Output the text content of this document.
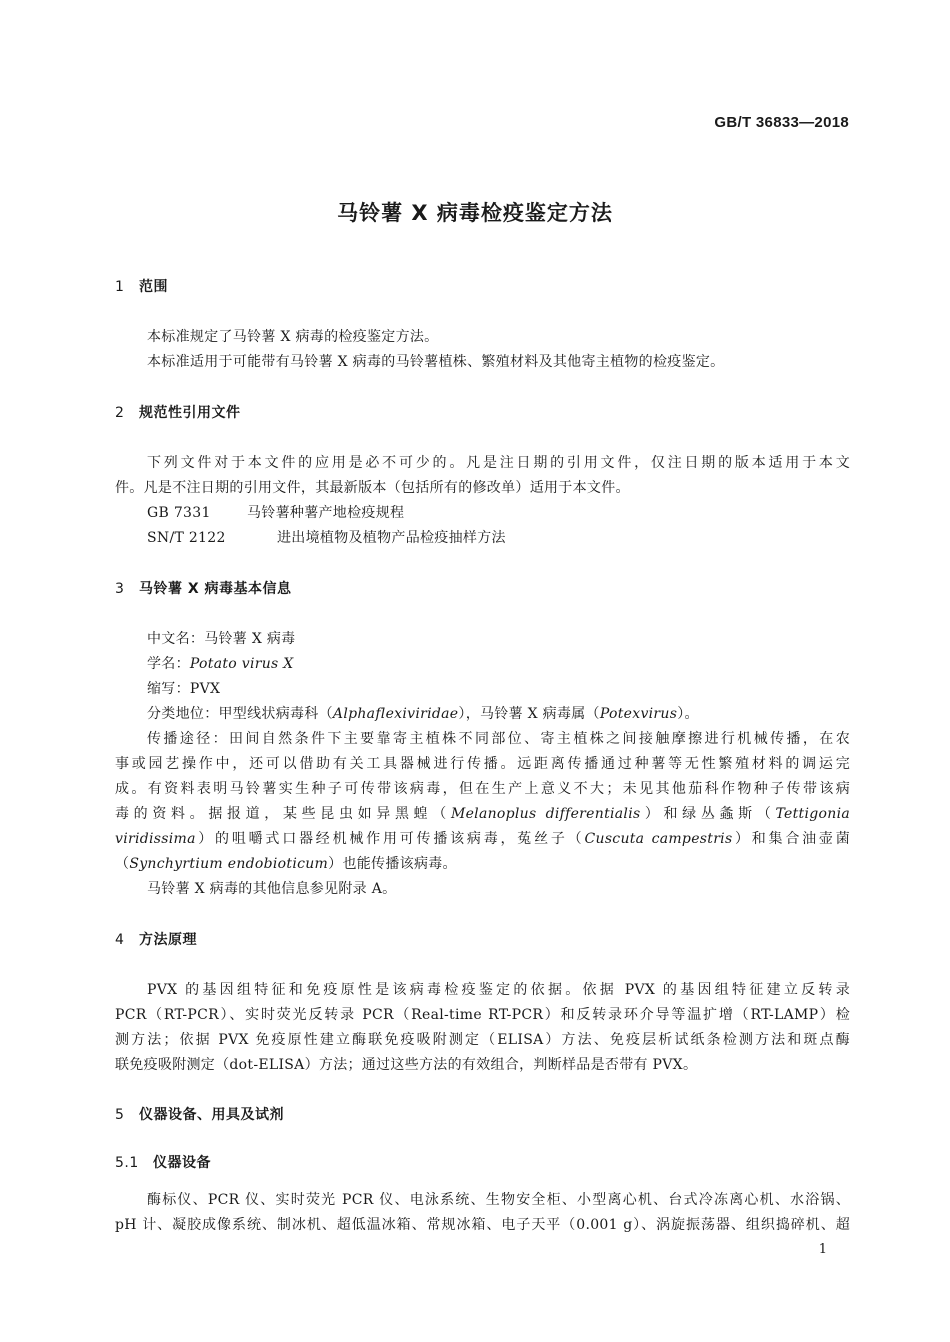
GB/T 36833—2018
马铃薯 X 病毒检疫鉴定方法
1 范围
本标准规定了马铃薯 X 病毒的检疫鉴定方法。
本标准适用于可能带有马铃薯 X 病毒的马铃薯植株、繁殖材料及其他寄主植物的检疫鉴定。
2 规范性引用文件
下列文件对于本文件的应用是必不可少的。凡是注日期的引用文件，仅注日期的版本适用于本文
件。凡是不注日期的引用文件，其最新版本（包括所有的修改单）适用于本文件。
GB 7331	马铃薯种薯产地检疫规程
SN/T 2122	进出境植物及植物产品检疫抽样方法
3 马铃薯 X 病毒基本信息
中文名：马铃薯 X 病毒
学名：Potato virus X
缩写：PVX
分类地位：甲型线状病毒科（Alphaflexiviridae），马铃薯 X 病毒属（Potexvirus）。
传播途径：田间自然条件下主要靠寄主植株不同部位、寄主植株之间接触摩擦进行机械传播，在农
事或园艺操作中，还可以借助有关工具器械进行传播。远距离传播通过种薯等无性繁殖材料的调运完
成。有资料表明马铃薯实生种子可传带该病毒，但在生产上意义不大；未见其他茄科作物种子传带该病
毒的资料。据报道，某些昆虫如异黑蝗（Melanoplus differentialis）和绿丛螽斯（Tettigonia
viridissima）的咀嚼式口器经机械作用可传播该病毒，菟丝子（Cuscuta campestris）和集合油壶菌
（Synchyrtium endobioticum）也能传播该病毒。
马铃薯 X 病毒的其他信息参见附录 A。
4 方法原理
PVX 的基因组特征和免疫原性是该病毒检疫鉴定的依据。依据 PVX 的基因组特征建立反转录
PCR（RT-PCR）、实时荧光反转录 PCR（Real-time RT-PCR）和反转录环介导等温扩增（RT-LAMP）检
测方法；依据 PVX 免疫原性建立酶联免疫吸附测定（ELISA）方法、免疫层析试纸条检测方法和斑点酶
联免疫吸附测定（dot-ELISA）方法；通过这些方法的有效组合，判断样品是否带有 PVX。
5 仪器设备、用具及试剂
5.1 仪器设备
酶标仪、PCR 仪、实时荧光 PCR 仪、电泳系统、生物安全柜、小型离心机、台式冷冻离心机、水浴锅、
pH 计、凝胶成像系统、制冰机、超低温冰箱、常规冰箱、电子天平（0.001 g）、涡旋振荡器、组织捣碎机、超
1
